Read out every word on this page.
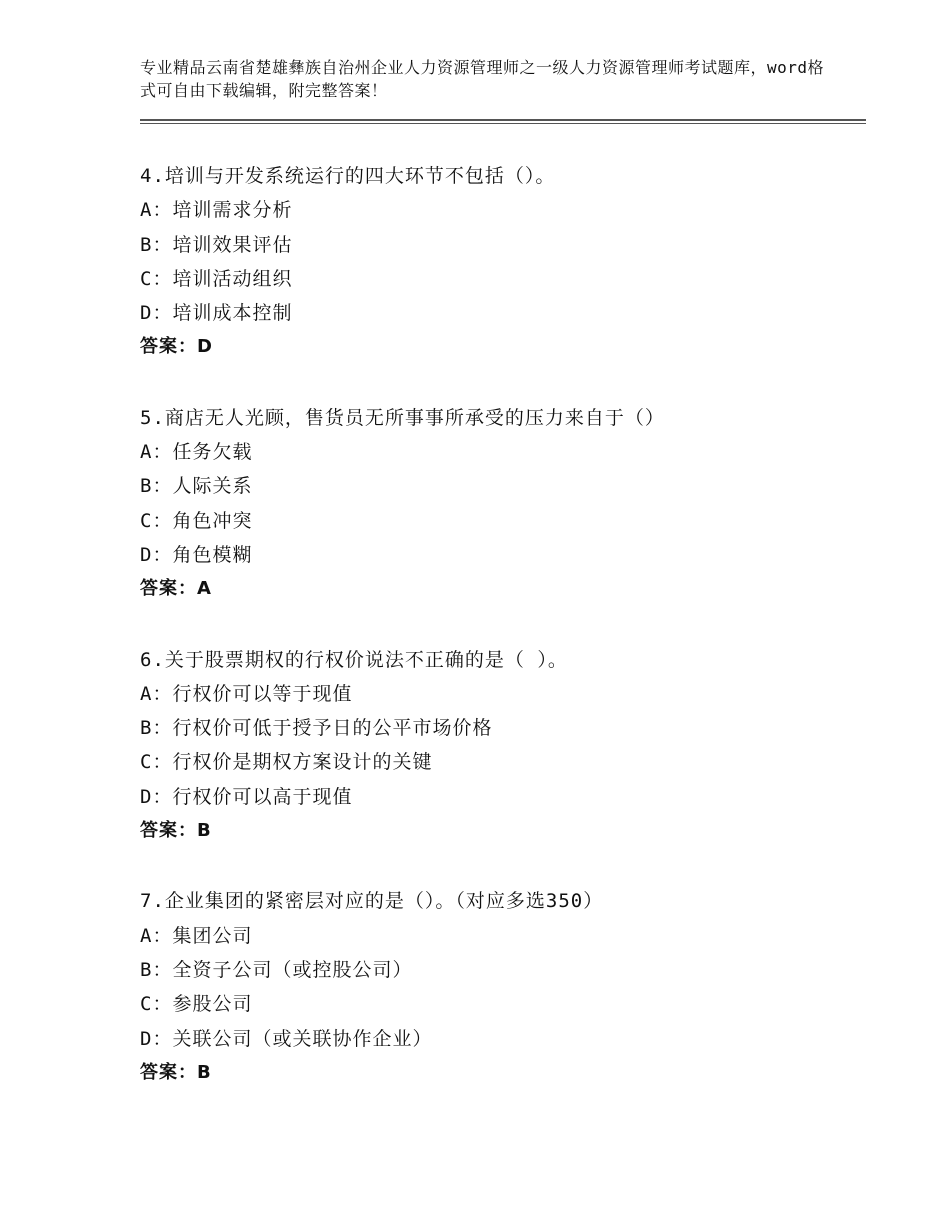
专业精品云南省楚雄彝族自治州企业人力资源管理师之一级人力资源管理师考试题库，word格式可自由下载编辑，附完整答案！
4.培训与开发系统运行的四大环节不包括（）。
A：培训需求分析
B：培训效果评估
C：培训活动组织
D：培训成本控制
答案：D
5.商店无人光顾，售货员无所事事所承受的压力来自于（）
A：任务欠载
B：人际关系
C：角色冲突
D：角色模糊
答案：A
6.关于股票期权的行权价说法不正确的是（ ）。
A：行权价可以等于现值
B：行权价可低于授予日的公平市场价格
C：行权价是期权方案设计的关键
D：行权价可以高于现值
答案：B
7.企业集团的紧密层对应的是（）。（对应多选350）
A：集团公司
B：全资子公司（或控股公司）
C：参股公司
D：关联公司（或关联协作企业）
答案：B
